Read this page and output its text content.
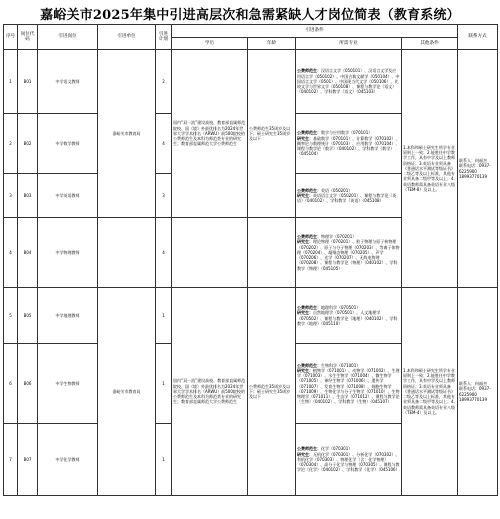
嘉峪关市2025年集中引进高层次和急需紧缺人才岗位简表（教育系统）
序号	岗位代码	引进岗位	引进单位	引进计划	引进条件				联系方式
					学历	年龄	所需专业	其他条件	
1	B01	中学语文教师	嘉峪关市教育局	2	国内“双一流”建设高校、教育部直属师范院校、国（境）外最优排名为2024年世界大学学术排名（ARWU）前500院校的公费师范生及本科为师范类专业的研究生；教育部直属师范大学公费师范生	公费师范生35周岁及以下；硕士研究生35周岁及以下	公费师范生：汉语言文学（050101）、汉语言文学及应用语言学（050102）、中国古典文献学（050104）、中国语言文学（0501）、中国现当代文学（050106）、比较文学与世界文学（050108）、课程与教学论（语文）（040102）、学科教学（语文）（045103）	1.本科和硕士研究生所学专业原则上一致；2.能胜任中学教学工作，具有中学及以上教师资格证；3.英语专业须具备《普通话水平测试等级证书》二级乙等及以上标准，其他专业须具备二级甲等及以上；4.英语教师需具备英语专业八级（TEM-8）及以上。	联系人：何福杰
联系电话：0937-6225900 18993770139
2	B02	中学数学教师		4			公费师范生：数学与应用数学（070101）
研究生：基础数学（070101）、计算数学（070102）、概率论与数理统计（070103）、应用数学（070104）、课程与教学论（数学）（040102）、学科教学（数学）（045104）		
3	B03	中学英语教师		3			公费师范生：英语（050201）
研究生：英语语言文学（050201）、课程与教学论（英语）（040102）、学科教学（英语）（045108）		
4	B04	中学物理教师		4			公费师范生：物理学（070201）
研究生：理论物理（070201）、粒子物理与原子核物理（070202）、原子与分子物理（070203）、等离子体物理（070204）、凝聚态物理（070205）、声学（070206）、光学（070207）、无线电物理（070208）、课程与教学论（物理）（040102）、学科教学（物理）（045105）		
5	B05	中学地理教师	嘉峪关市教育局	1	国内“双一流”建设高校、教育部直属师范院校、国（境）外最优排名为2024年世界大学学术排名（ARWU）前500院校的公费师范生及本科为师范类专业的研究生；教育部直属师范大学公费师范生	公费师范生35周岁及以下；硕士研究生35周岁及以下	公费师范生：地理科学（070501）
研究生：自然地理学（070501）、人文地理学（070502）、课程与教学论（地理）（040102）、学科教学（地理）（045110）	1.本科和硕士研究生所学专业原则上一致；2.能胜任中学教学工作，具有中学及以上教师资格证；3.英语专业须具备《普通话水平测试等级证书》二级乙等及以上标准，其他专业须具备二级甲等及以上；4.英语教师需具备英语专业八级（TEM-4）及以上。	联系人：何福杰
联系电话：0937-6225900 18993770139
6	B06	中学生物教师		1			公费师范生：生物科学（071001）
研究生：植物学（071001）、动物学（071002）、生理学（071003）、水生生物学（071004）、微生物学（071005）、神经生物学（071006）、遗传学（071007）、发育生物学（071008）、细胞生物学（071009）、生物化学与分子生物学（071010）、生物物理学（071011）、生态学（071012）、课程与教学论（生物）（040102）、学科教学（生物）（045107）		
7	B07	中学化学教师		1			公费师范生：化学（070301）
研究生：无机化学（070301）、分析化学（070302）、有机化学（070303）、物理化学（含：化学物理）（070304）、高分子化学与物理（070305）、课程与教学论（化学）（040102）、学科教学（化学）（045106）		
